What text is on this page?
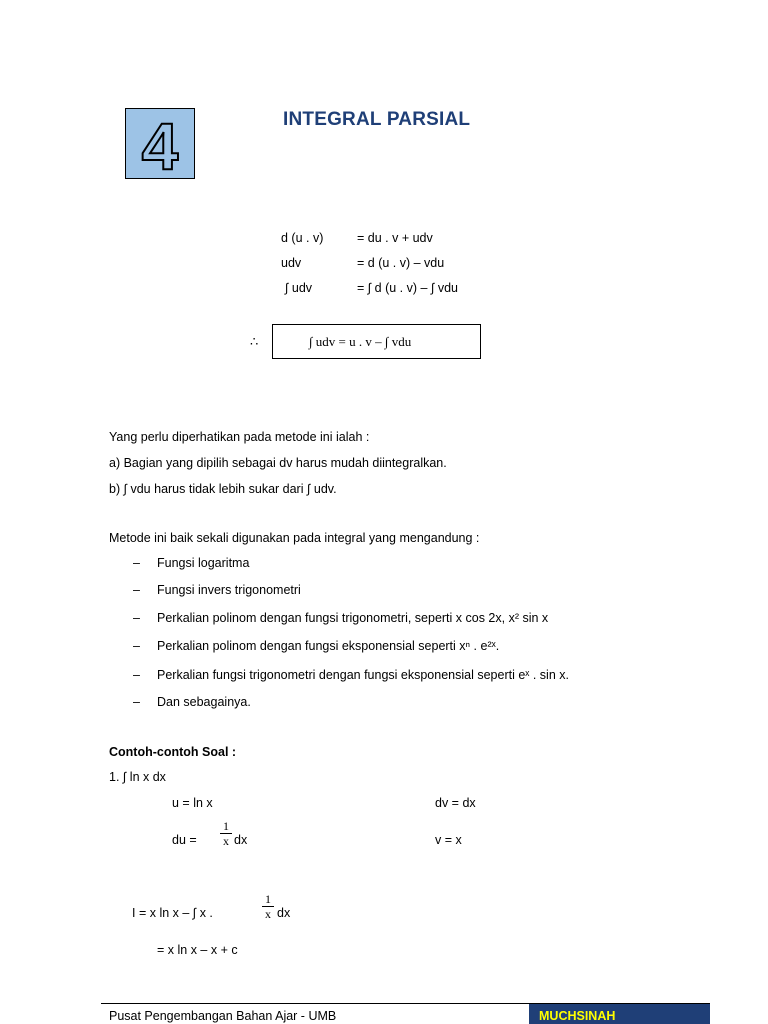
4	INTEGRAL PARSIAL
d (u . v)	= du . v + udv
udv	= d (u . v) – vdu
∫ udv	= ∫ d (u . v) – ∫ vdu
∴	∫ udv = u . v – ∫ vdu
Yang perlu diperhatikan pada metode ini ialah :
a) Bagian yang dipilih sebagai dv harus mudah diintegralkan.
b) ∫ vdu harus tidak lebih sukar dari ∫ udv.
Metode ini baik sekali digunakan pada integral yang mengandung :
– Fungsi logaritma
– Fungsi invers trigonometri
– Perkalian polinom dengan fungsi trigonometri, seperti x cos 2x, x² sin x
– Perkalian polinom dengan fungsi eksponensial seperti xⁿ . e²ˣ.
– Perkalian fungsi trigonometri dengan fungsi eksponensial seperti eˣ . sin x.
– Dan sebagainya.
Contoh-contoh Soal :
1. ∫ ln x dx
u = ln x	dv = dx
du =
1
x dx	v = x
I = x ln x – ∫ x .
1
x dx
= x ln x – x + c
Pusat Pengembangan Bahan Ajar - UMB	MUCHSINAH
